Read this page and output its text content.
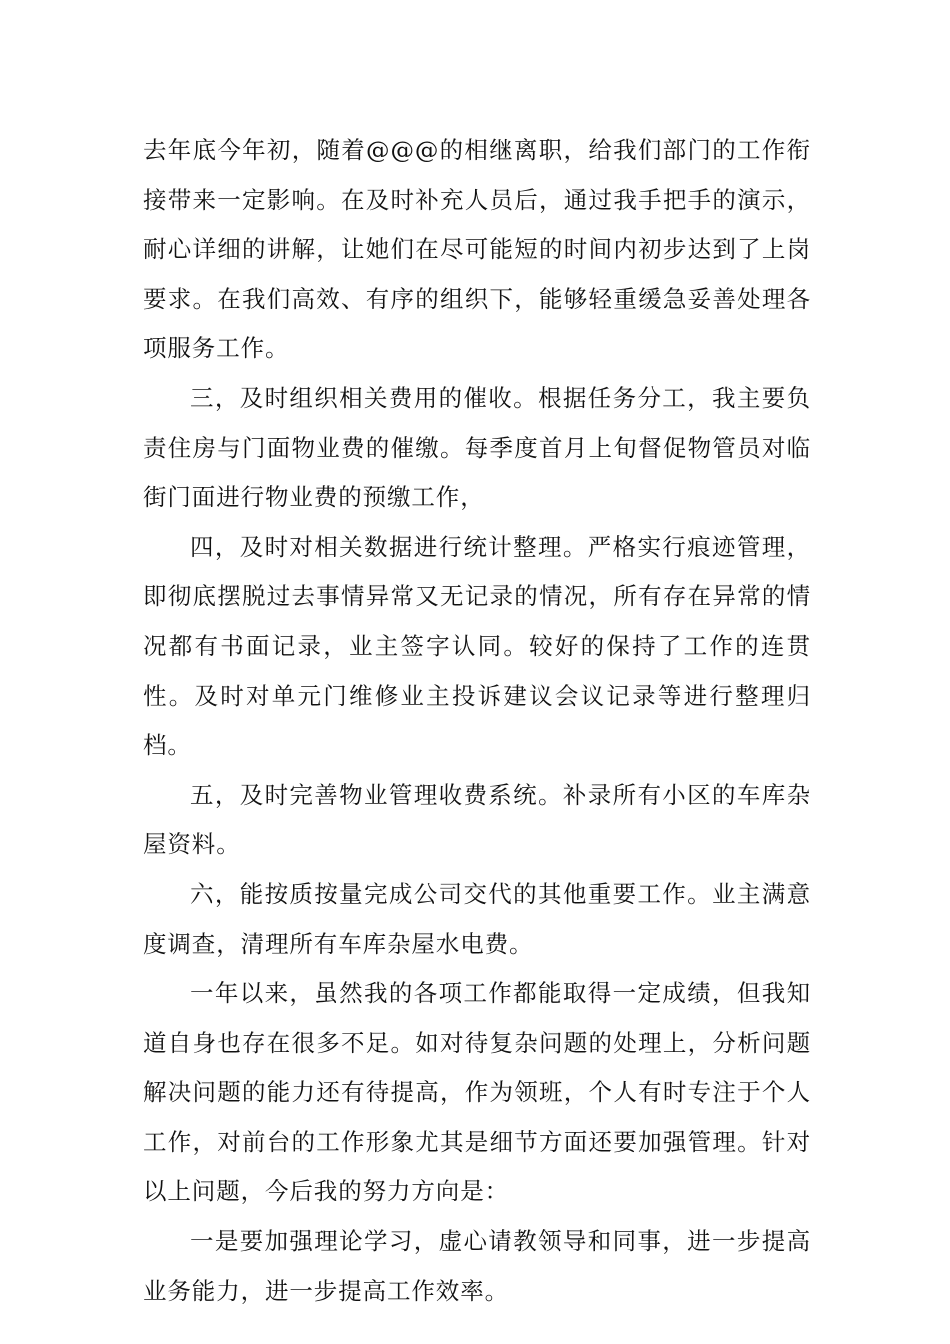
去年底今年初，随着@@@的相继离职，给我们部门的工作衔接带来一定影响。在及时补充人员后，通过我手把手的演示，耐心详细的讲解，让她们在尽可能短的时间内初步达到了上岗要求。在我们高效、有序的组织下，能够轻重缓急妥善处理各项服务工作。

三，及时组织相关费用的催收。根据任务分工，我主要负责住房与门面物业费的催缴。每季度首月上旬督促物管员对临街门面进行物业费的预缴工作，

四，及时对相关数据进行统计整理。严格实行痕迹管理，即彻底摆脱过去事情异常又无记录的情况，所有存在异常的情况都有书面记录，业主签字认同。较好的保持了工作的连贯性。及时对单元门维修业主投诉建议会议记录等进行整理归档。

五，及时完善物业管理收费系统。补录所有小区的车库杂屋资料。

六，能按质按量完成公司交代的其他重要工作。业主满意度调查，清理所有车库杂屋水电费。

一年以来，虽然我的各项工作都能取得一定成绩，但我知道自身也存在很多不足。如对待复杂问题的处理上，分析问题解决问题的能力还有待提高，作为领班，个人有时专注于个人工作，对前台的工作形象尤其是细节方面还要加强管理。针对以上问题，今后我的努力方向是：

一是要加强理论学习，虚心请教领导和同事，进一步提高业务能力，进一步提高工作效率。
